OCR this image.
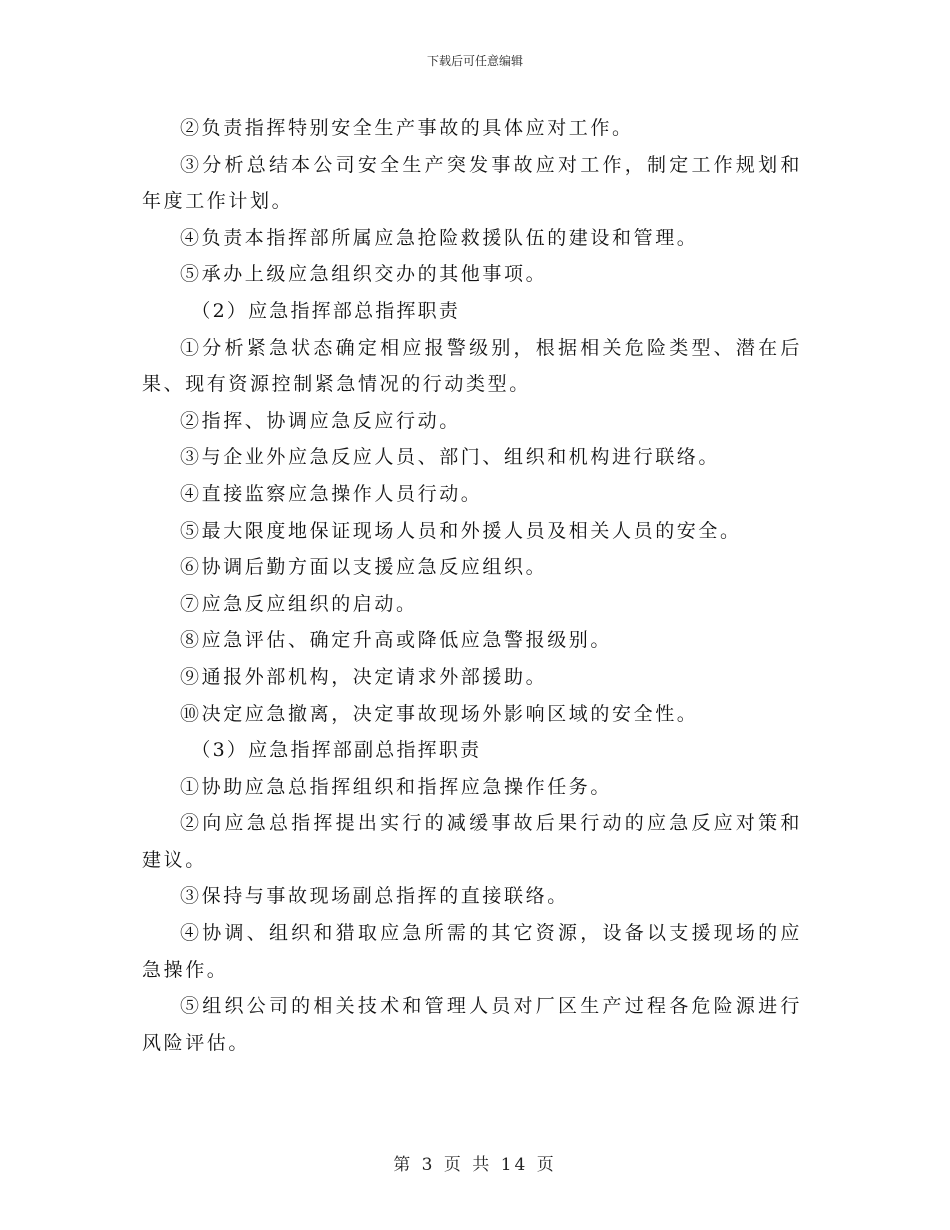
下载后可任意编辑

②负责指挥特别安全生产事故的具体应对工作。

③分析总结本公司安全生产突发事故应对工作，制定工作规划和年度工作计划。

④负责本指挥部所属应急抢险救援队伍的建设和管理。

⑤承办上级应急组织交办的其他事项。

（2）应急指挥部总指挥职责

①分析紧急状态确定相应报警级别，根据相关危险类型、潜在后果、现有资源控制紧急情况的行动类型。

②指挥、协调应急反应行动。

③与企业外应急反应人员、部门、组织和机构进行联络。

④直接监察应急操作人员行动。

⑤最大限度地保证现场人员和外援人员及相关人员的安全。

⑥协调后勤方面以支援应急反应组织。

⑦应急反应组织的启动。

⑧应急评估、确定升高或降低应急警报级别。

⑨通报外部机构，决定请求外部援助。

⑩决定应急撤离，决定事故现场外影响区域的安全性。

（3）应急指挥部副总指挥职责

①协助应急总指挥组织和指挥应急操作任务。

②向应急总指挥提出实行的减缓事故后果行动的应急反应对策和建议。

③保持与事故现场副总指挥的直接联络。

④协调、组织和猎取应急所需的其它资源，设备以支援现场的应急操作。

⑤组织公司的相关技术和管理人员对厂区生产过程各危险源进行风险评估。

第 3 页 共 14 页
